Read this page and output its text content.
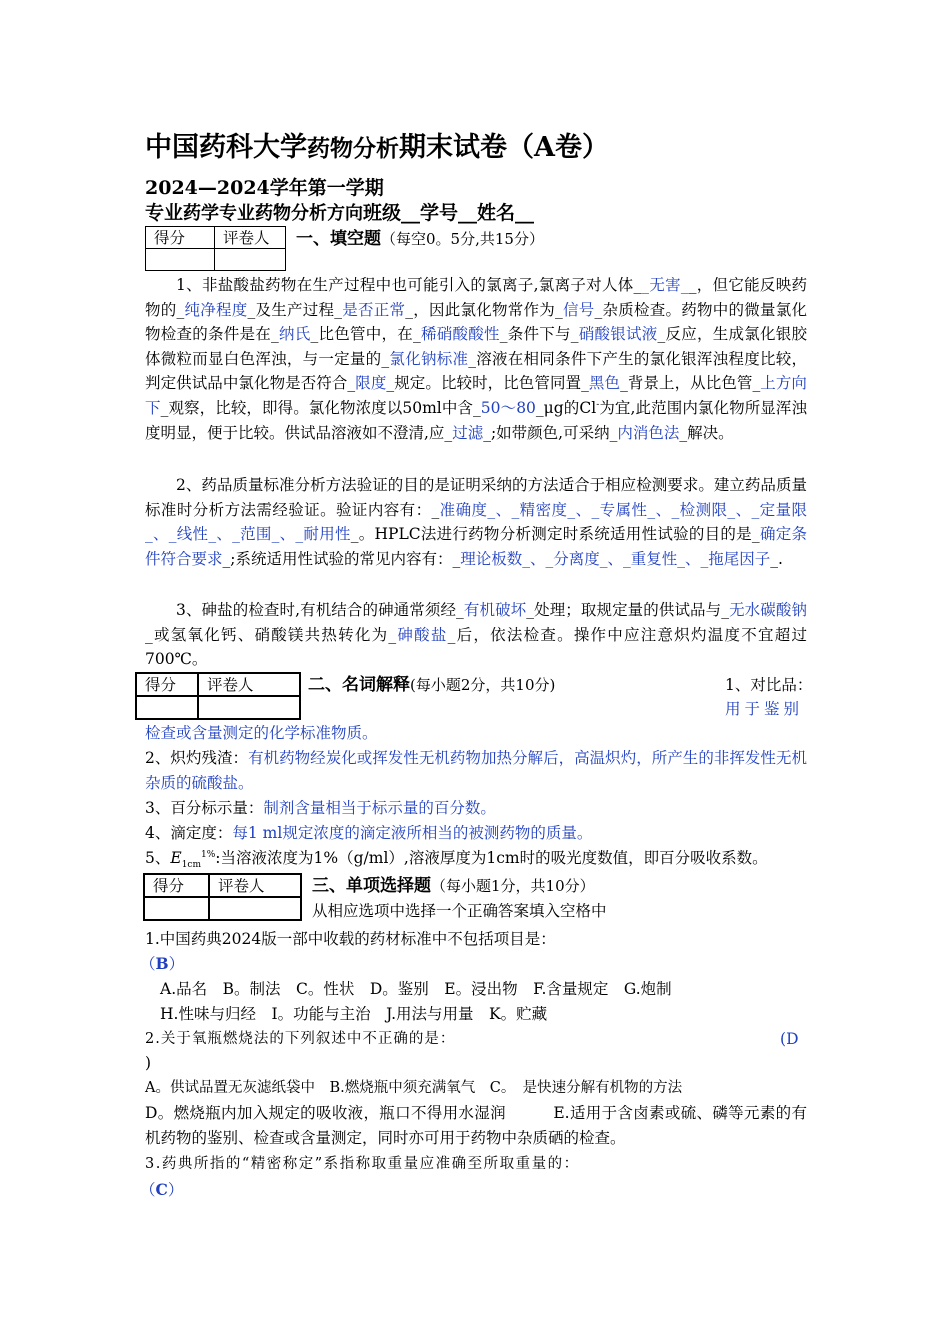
中国药科大学药物分析期末试卷（A卷）
2024—2024学年第一学期
专业药学专业药物分析方向班级__学号__姓名__
得分	评卷人
	一、填空题（每空0。5分,共15分）
1、非盐酸盐药物在生产过程中也可能引入的氯离子,氯离子对人体__无害__，但它能反映药物的_纯净程度_及生产过程_是否正常_，因此氯化物常作为_信号_杂质检查。药物中的微量氯化物检查的条件是在_纳氏_比色管中，在_稀硝酸酸性_条件下与_硝酸银试液_反应，生成氯化银胶体微粒而显白色浑浊，与一定量的_氯化钠标准_溶液在相同条件下产生的氯化银浑浊程度比较，判定供试品中氯化物是否符合_限度_规定。比较时，比色管同置_黑色_背景上，从比色管_上方向下_观察，比较，即得。氯化物浓度以50ml中含_50～80_μg的Cl-为宜,此范围内氯化物所显浑浊度明显，便于比较。供试品溶液如不澄清,应_过滤_;如带颜色,可采纳_内消色法_解决。
2、药品质量标准分析方法验证的目的是证明采纳的方法适合于相应检测要求。建立药品质量标准时分析方法需经验证。验证内容有：_准确度_、_精密度_、_专属性_、_检测限_、_定量限_、_线性_、_范围_、_耐用性_。HPLC法进行药物分析测定时系统适用性试验的目的是_确定条件符合要求_;系统适用性试验的常见内容有：_理论板数_、_分离度_、_重复性_、_拖尾因子_.
3、砷盐的检查时,有机结合的砷通常须经_有机破坏_处理；取规定量的供试品与_无水碳酸钠_或氢氧化钙、硝酸镁共热转化为_砷酸盐_后，依法检查。操作中应注意炽灼温度不宜超过700℃。
得分	评卷人
		二、名词解释(每小题2分，共10分)	1、对比品：
用于鉴别
检查或含量测定的化学标准物质。
2、炽灼残渣：有机药物经炭化或挥发性无机药物加热分解后，高温炽灼，所产生的非挥发性无机杂质的硫酸盐。
3、百分标示量：制剂含量相当于标示量的百分数。
4、滴定度：每1 ml规定浓度的滴定液所相当的被测药物的质量。
5、$E_{1cm}^{1\%}$:当溶液浓度为1%（g/ml）,溶液厚度为1cm时的吸光度数值，即百分吸收系数。
得分	评卷人
		三、单项选择题（每小题1分，共10分）
从相应选项中选择一个正确答案填入空格中
1.中国药典2024版一部中收载的药材标准中不包括项目是：
（B）
A.品名　B。制法　C。性状　D。鉴别　E。浸出物　F.含量规定　G.炮制
H.性味与归经　I。功能与主治　J.用法与用量　K。贮藏
2.关于氧瓶燃烧法的下列叙述中不正确的是：	(D
)
A。供试品置无灰滤纸袋中　B.燃烧瓶中须充满氧气　C。　是快速分解有机物的方法
D。燃烧瓶内加入规定的吸收液，瓶口不得用水湿润　　　E.适用于含卤素或硫、磷等元素的有机药物的鉴别、检查或含量测定，同时亦可用于药物中杂质硒的检查。
3.药典所指的“精密称定”系指称取重量应准确至所取重量的：
（C）
